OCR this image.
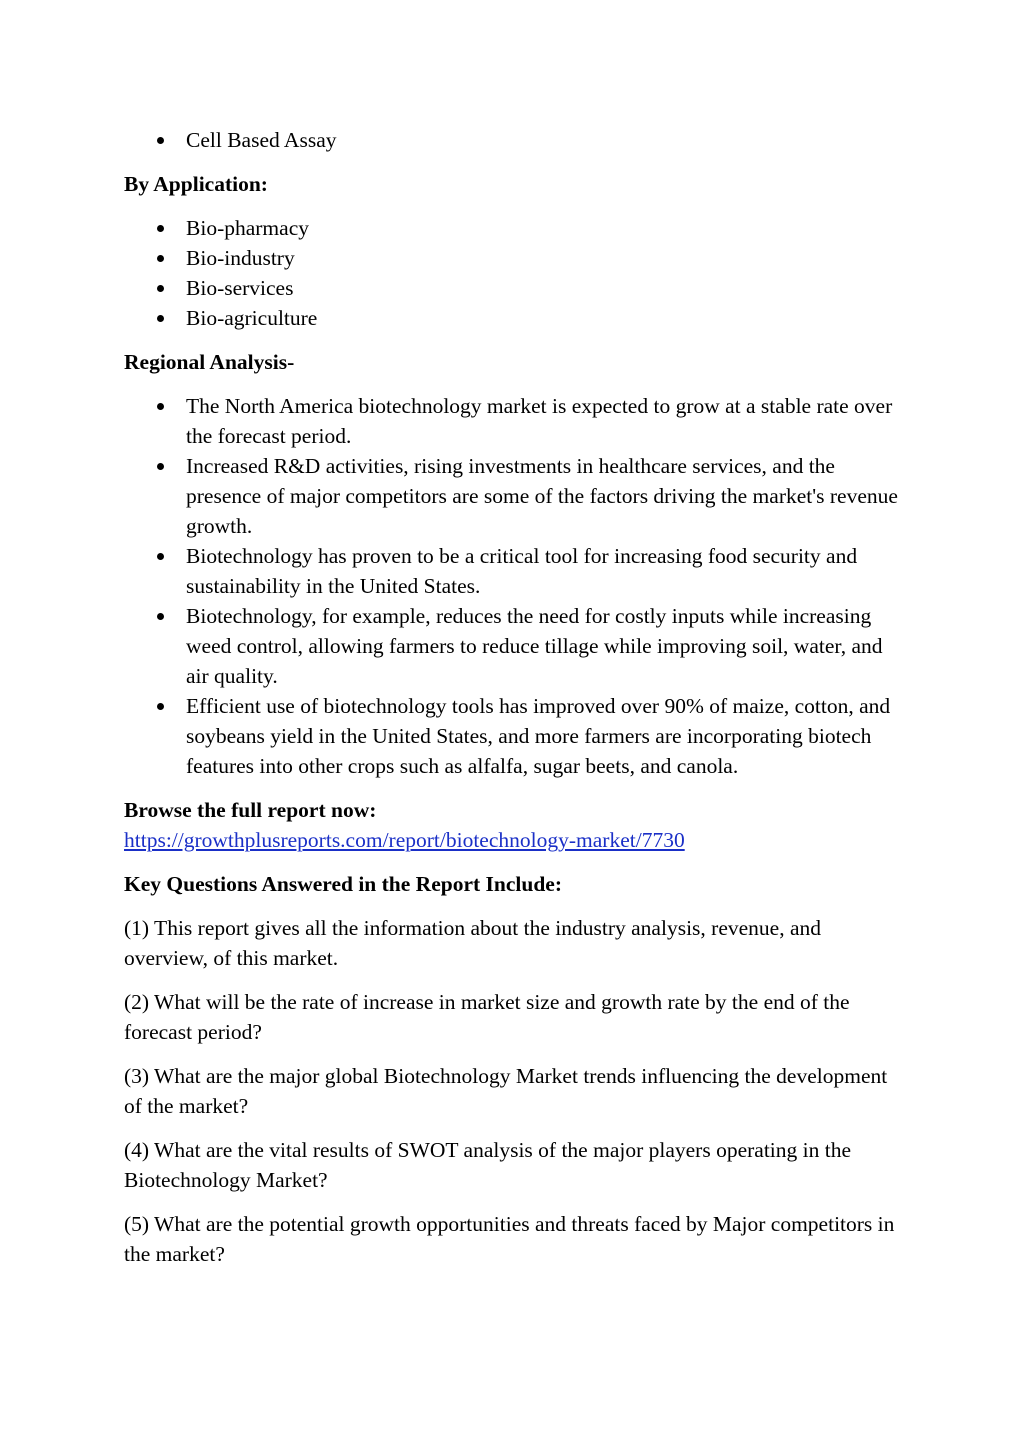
Cell Based Assay

By Application:

Bio-pharmacy
Bio-industry
Bio-services
Bio-agriculture

Regional Analysis-

The North America biotechnology market is expected to grow at a stable rate over the forecast period.
Increased R&D activities, rising investments in healthcare services, and the presence of major competitors are some of the factors driving the market's revenue growth.
Biotechnology has proven to be a critical tool for increasing food security and sustainability in the United States.
Biotechnology, for example, reduces the need for costly inputs while increasing weed control, allowing farmers to reduce tillage while improving soil, water, and air quality.
Efficient use of biotechnology tools has improved over 90% of maize, cotton, and soybeans yield in the United States, and more farmers are incorporating biotech features into other crops such as alfalfa, sugar beets, and canola.

Browse the full report now:

https://growthplusreports.com/report/biotechnology-market/7730

Key Questions Answered in the Report Include:

(1) This report gives all the information about the industry analysis, revenue, and overview, of this market.

(2) What will be the rate of increase in market size and growth rate by the end of the forecast period?

(3) What are the major global Biotechnology Market trends influencing the development of the market?

(4) What are the vital results of SWOT analysis of the major players operating in the Biotechnology Market?

(5) What are the potential growth opportunities and threats faced by Major competitors in the market?
